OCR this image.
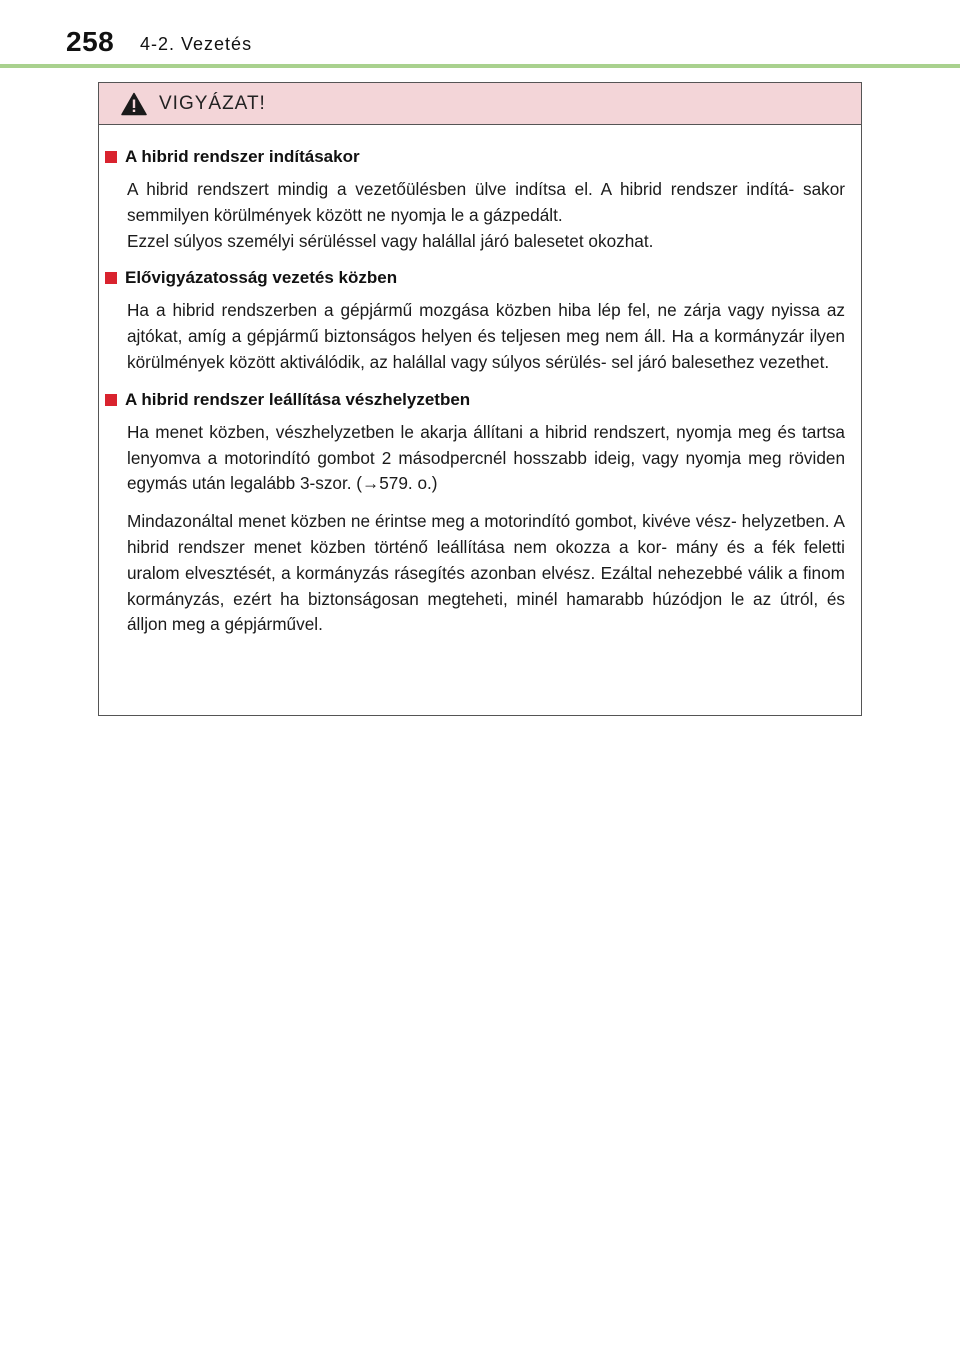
258 4-2. Vezetés
VIGYÁZAT!
A hibrid rendszer indításakor

A hibrid rendszert mindig a vezetőülésben ülve indítsa el. A hibrid rendszer indítá- sakor semmilyen körülmények között ne nyomja le a gázpedált.

Ezzel súlyos személyi sérüléssel vagy halállal járó balesetet okozhat.

Elővigyázatosság vezetés közben

Ha a hibrid rendszerben a gépjármű mozgása közben hiba lép fel, ne zárja vagy nyissa az ajtókat, amíg a gépjármű biztonságos helyen és teljesen meg nem áll. Ha a kormányzár ilyen körülmények között aktiválódik, az halállal vagy súlyos sérülés- sel járó balesethez vezethet.

A hibrid rendszer leállítása vészhelyzetben

Ha menet közben, vészhelyzetben le akarja állítani a hibrid rendszert, nyomja meg és tartsa lenyomva a motorindító gombot 2 másodpercnél hosszabb ideig, vagy nyomja meg röviden egymás után legalább 3-szor. (→579. o.)

Mindazonáltal menet közben ne érintse meg a motorindító gombot, kivéve vész- helyzetben. A hibrid rendszer menet közben történő leállítása nem okozza a kor- mány és a fék feletti uralom elvesztését, a kormányzás rásegítés azonban elvész. Ezáltal nehezebbé válik a finom kormányzás, ezért ha biztonságosan megteheti, minél hamarabb húzódjon le az útról, és álljon meg a gépjárművel.
